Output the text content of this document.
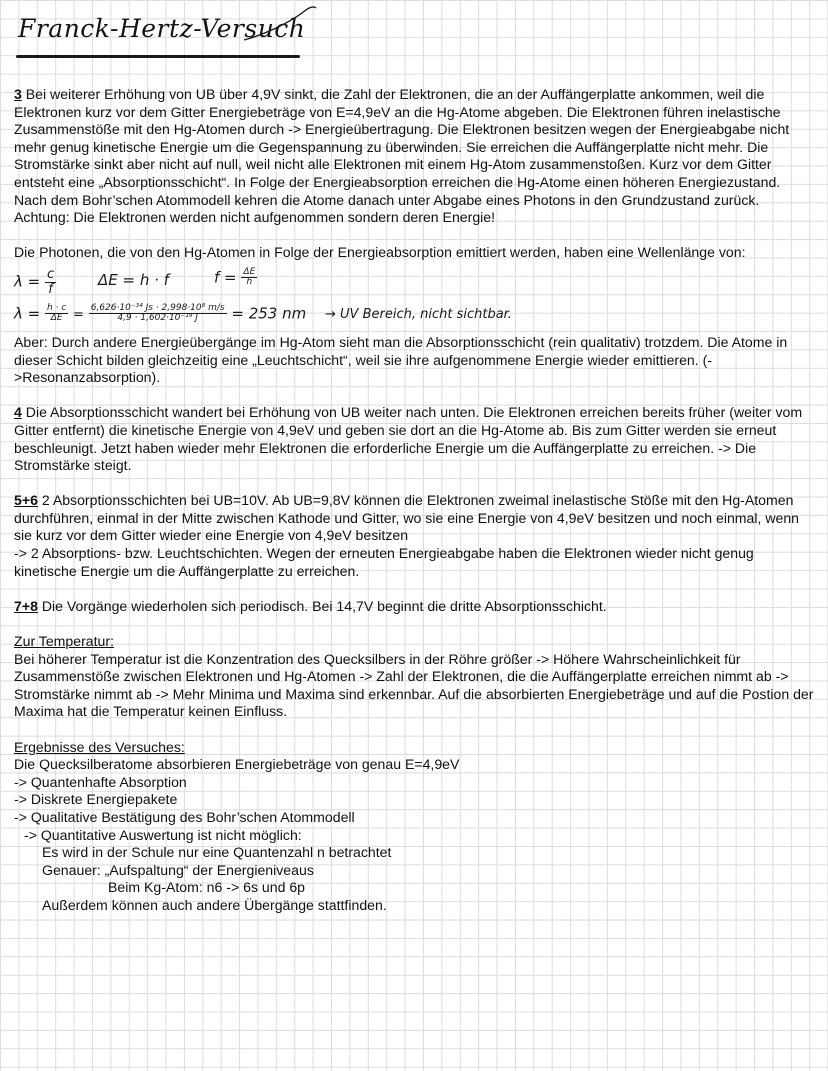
Franck-Hertz-Versuch

3 Bei weiterer Erhöhung von UB über 4,9V sinkt, die Zahl der Elektronen, die an der Auffängerplatte ankommen, weil die Elektronen kurz vor dem Gitter Energiebeträge von E=4,9eV an die Hg-Atome abgeben. Die Elektronen führen inelastische Zusammenstöße mit den Hg-Atomen durch -> Energieübertragung. Die Elektronen besitzen wegen der Energieabgabe nicht mehr genug kinetische Energie um die Gegenspannung zu überwinden. Sie erreichen die Auffängerplatte nicht mehr. Die Stromstärke sinkt aber nicht auf null, weil nicht alle Elektronen mit einem Hg-Atom zusammenstoßen. Kurz vor dem Gitter entsteht eine „Absorptionsschicht“. In Folge der Energieabsorption erreichen die Hg-Atome einen höheren Energiezustand. Nach dem Bohr’schen Atommodell kehren die Atome danach unter Abgabe eines Photons in den Grundzustand zurück.

Achtung: Die Elektronen werden nicht aufgenommen sondern deren Energie!

Die Photonen, die von den Hg-Atomen in Folge der Energieabsorption emittiert werden, haben eine Wellenlänge von:

$\lambda = \frac{c}{f}$	ΔE = h · f	$f = \frac{\Delta E}{h}$
$\lambda = \frac{h \cdot c}{\Delta E} = \frac{\text{6,626·10⁻³⁴ Js · 2,998·10⁸ m/s}}{\text{4,9 · 1,602·10⁻¹⁹ J}} = 253$ nm → UV Bereich, nicht sichtbar.

Aber: Durch andere Energieübergänge im Hg-Atom sieht man die Absorptionsschicht (rein qualitativ) trotzdem. Die Atome in dieser Schicht bilden gleichzeitig eine „Leuchtschicht“, weil sie ihre aufgenommene Energie wieder emittieren. (->Resonanzabsorption).

4 Die Absorptionsschicht wandert bei Erhöhung von UB weiter nach unten. Die Elektronen erreichen bereits früher (weiter vom Gitter entfernt) die kinetische Energie von 4,9eV und geben sie dort an die Hg-Atome ab. Bis zum Gitter werden sie erneut beschleunigt. Jetzt haben wieder mehr Elektronen die erforderliche Energie um die Auffängerplatte zu erreichen. -> Die Stromstärke steigt.

5+6 2 Absorptionsschichten bei UB=10V. Ab UB=9,8V können die Elektronen zweimal inelastische Stöße mit den Hg-Atomen durchführen, einmal in der Mitte zwischen Kathode und Gitter, wo sie eine Energie von 4,9eV besitzen und noch einmal, wenn sie kurz vor dem Gitter wieder eine Energie von 4,9eV besitzen

-> 2 Absorptions- bzw. Leuchtschichten. Wegen der erneuten Energieabgabe haben die Elektronen wieder nicht genug kinetische Energie um die Auffängerplatte zu erreichen.

7+8 Die Vorgänge wiederholen sich periodisch. Bei 14,7V beginnt die dritte Absorptionsschicht.

Zur Temperatur:

Bei höherer Temperatur ist die Konzentration des Quecksilbers in der Röhre größer -> Höhere Wahrscheinlichkeit für Zusammenstöße zwischen Elektronen und Hg-Atomen -> Zahl der Elektronen, die die Auffängerplatte erreichen nimmt ab -> Stromstärke nimmt ab -> Mehr Minima und Maxima sind erkennbar. Auf die absorbierten Energiebeträge und auf die Postion der Maxima hat die Temperatur keinen Einfluss.

Ergebnisse des Versuches:

Die Quecksilberatome absorbieren Energiebeträge von genau E=4,9eV

-> Quantenhafte Absorption

-> Diskrete Energiepakete

-> Qualitative Bestätigung des Bohr’schen Atommodell

-> Quantitative Auswertung ist nicht möglich:

Es wird in der Schule nur eine Quantenzahl n betrachtet

Genauer: „Aufspaltung“ der Energieniveaus

Beim Kg-Atom: n6 -> 6s und 6p

Außerdem können auch andere Übergänge stattfinden.
